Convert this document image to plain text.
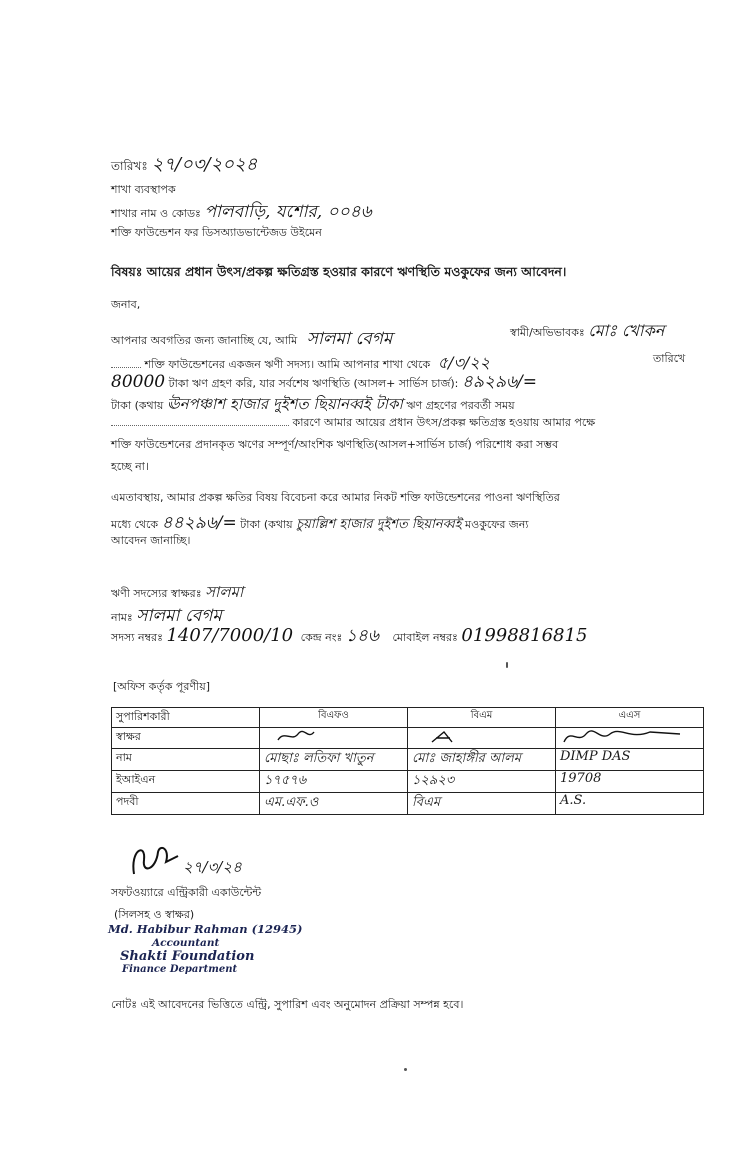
তারিখঃ ২৭/০৩/২০২৪
শাখা ব্যবস্থাপক
শাখার নাম ও কোডঃ পালবাড়ি, যশোর, ০০৪৬
শক্তি ফাউন্ডেশন ফর ডিসঅ্যাডভান্টেজড উইমেন
বিষয়ঃ আয়ের প্রধান উৎস/প্রকল্প ক্ষতিগ্রস্ত হওয়ার কারণে ঋণস্থিতি মওকুফের জন্য আবেদন।
জনাব,
আপনার অবগতির জন্য জানাচ্ছি যে, আমি সালমা বেগম	স্বামী/অভিভাবকঃ মোঃ খোকন
শক্তি ফাউন্ডেশনের একজন ঋণী সদস্য। আমি আপনার শাখা থেকে ৫/৩/২২	তারিখে
80000 টাকা ঋণ গ্রহণ করি, যার সর্বশেষ ঋণস্থিতি (আসল+ সার্ভিস চার্জ): ৪৯২৯৬/=
টাকা (কথায় ঊনপঞ্চাশ হাজার দুইশত ছিয়ানব্বই টাকা ঋণ গ্রহণের পরবর্তী সময়
কারণে আমার আয়ের প্রধান উৎস/প্রকল্প ক্ষতিগ্রস্ত হওয়ায় আমার পক্ষে
শক্তি ফাউন্ডেশনের প্রদানকৃত ঋণের সম্পূর্ণ/আংশিক ঋণস্থিতি(আসল+সার্ভিস চার্জ) পরিশোধ করা সম্ভব
হচ্ছে না।
এমতাবস্থায়, আমার প্রকল্প ক্ষতির বিষয় বিবেচনা করে আমার নিকট শক্তি ফাউন্ডেশনের পাওনা ঋণস্থিতির
মধ্যে থেকে ৪৪২৯৬/= টাকা (কথায় চুয়াল্লিশ হাজার দুইশত ছিয়ানব্বই মওকুফের জন্য
আবেদন জানাচ্ছি।
ঋণী সদস্যের স্বাক্ষরঃ সালমা
নামঃ সালমা বেগম
সদস্য নম্বরঃ 1407/7000/10 কেন্দ্র নংঃ ১৪৬ মোবাইল নম্বরঃ 01998816815
[অফিস কর্তৃক পূরণীয়]
সুপারিশকারী	বিএফও	বিএম	এএস
স্বাক্ষর			
নাম	মোছাঃ লতিফা খাতুন	মোঃ জাহাঙ্গীর আলম	DIMP DAS
ইআইএন	১৭৫৭৬	১২৯২৩	19708
পদবী	এম.এফ.ও	বিএম	A.S.
২৭/৩/২৪
সফটওয়্যারে এন্ট্রিকারী একাউন্টেন্ট
(সিলসহ ও স্বাক্ষর)
Md. Habibur Rahman (12945)
Accountant
Shakti Foundation
Finance Department
নোটঃ এই আবেদনের ভিত্তিতে এন্ট্রি, সুপারিশ এবং অনুমোদন প্রক্রিয়া সম্পন্ন হবে।
